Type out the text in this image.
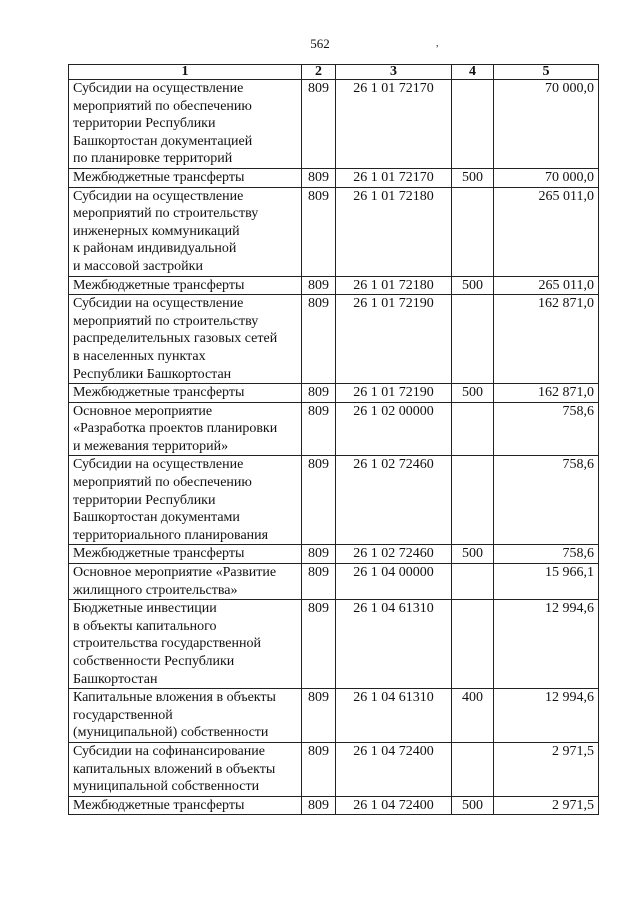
562	,
1	2	3	4	5
Субсидии на осуществление
мероприятий по обеспечению
территории Республики
Башкортостан документацией
по планировке территорий	809	26 1 01 72170		70 000,0
Межбюджетные трансферты	809	26 1 01 72170	500	70 000,0
Субсидии на осуществление
мероприятий по строительству
инженерных коммуникаций
к районам индивидуальной
и массовой застройки	809	26 1 01 72180		265 011,0
Межбюджетные трансферты	809	26 1 01 72180	500	265 011,0
Субсидии на осуществление
мероприятий по строительству
распределительных газовых сетей
в населенных пунктах
Республики Башкортостан	809	26 1 01 72190		162 871,0
Межбюджетные трансферты	809	26 1 01 72190	500	162 871,0
Основное мероприятие
«Разработка проектов планировки
и межевания территорий»	809	26 1 02 00000		758,6
Субсидии на осуществление
мероприятий по обеспечению
территории Республики
Башкортостан документами
территориального планирования	809	26 1 02 72460		758,6
Межбюджетные трансферты	809	26 1 02 72460	500	758,6
Основное мероприятие «Развитие
жилищного строительства»	809	26 1 04 00000		15 966,1
Бюджетные инвестиции
в объекты капитального
строительства государственной
собственности Республики
Башкортостан	809	26 1 04 61310		12 994,6
Капитальные вложения в объекты
государственной
(муниципальной) собственности	809	26 1 04 61310	400	12 994,6
Субсидии на софинансирование
капитальных вложений в объекты
муниципальной собственности	809	26 1 04 72400		2 971,5
Межбюджетные трансферты	809	26 1 04 72400	500	2 971,5
